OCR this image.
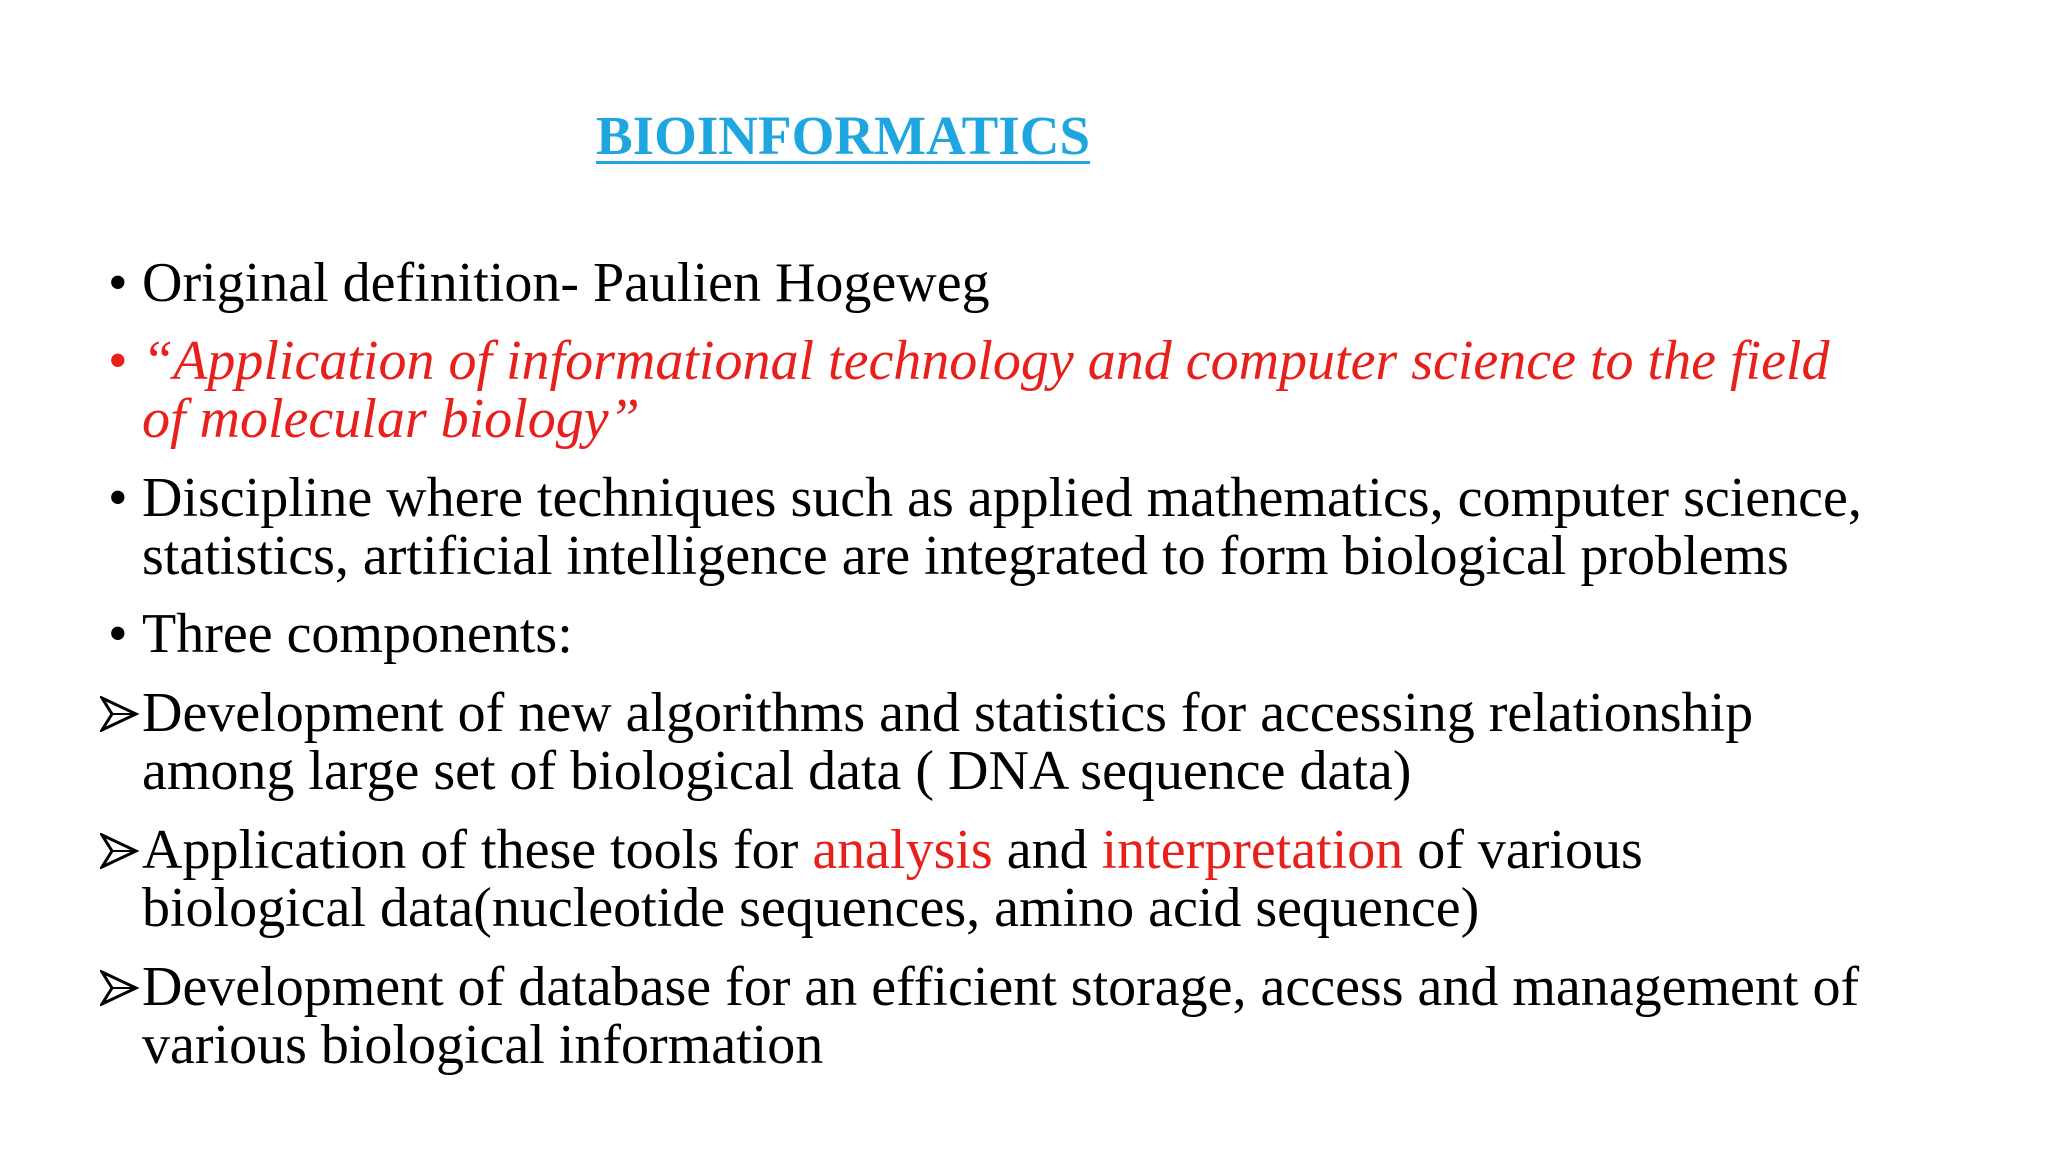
BIOINFORMATICS
• Original definition- Paulien Hogeweg
• “Application of informational technology and computer science to the field
of molecular biology”
• Discipline where techniques such as applied mathematics, computer science,
statistics, artificial intelligence are integrated to form biological problems
• Three components:
Development of new algorithms and statistics for accessing relationship
among large set of biological data ( DNA sequence data)
Application of these tools for analysis and interpretation of various
biological data(nucleotide sequences, amino acid sequence)
Development of database for an efficient storage, access and management of
various biological information
